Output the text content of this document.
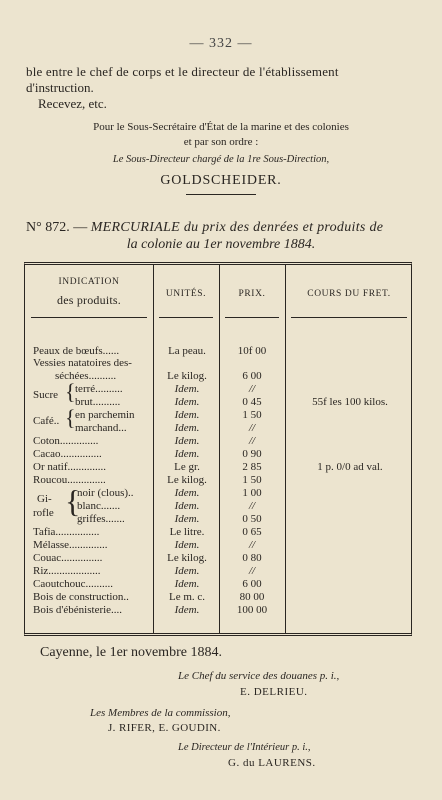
— 332 —
ble entre le chef de corps et le directeur de l'établissement
d'instruction.
Recevez, etc.
Pour le Sous-Secrétaire d'État de la marine et des colonies
et par son ordre :
Le Sous-Directeur chargé de la 1re Sous-Direction,
GOLDSCHEIDER.
N° 872. — MERCURIALE du prix des denrées et produits de
la colonie au 1er novembre 1884.
INDICATION
des produits.	UNITÉS.	PRIX.	COURS DU FRET.
Peaux de bœufs......	La peau.	10f 00
Vessies natatoires des-
séchées..........	Le kilog.	6 00
Sucre { terré..........	Idem.	//
brut..........	Idem.	0 45	55f les 100 kilos.
Café.. { en parchemin	Idem.	1 50
marchand...	Idem.	//
Coton..............	Idem.	//
Cacao...............	Idem.	0 90
Or natif..............	Le gr.	2 85	1 p. 0/0 ad val.
Roucou..............	Le kilog.	1 50
Gi-
rofle {
noir (clous)..	Idem.	1 00
blanc.......	Idem.	//
griffes.......	Idem.	0 50
Tafia................	Le litre.	0 65
Mélasse..............	Idem.	//
Couac...............	Le kilog.	0 80
Riz...................	Idem.	//
Caoutchouc..........	Idem.	6 00
Bois de construction..	Le m. c.	80 00
Bois d'ébénisterie....	Idem.	100 00
Cayenne, le 1er novembre 1884.
Le Chef du service des douanes p. i.,
E. DELRIEU.
Les Membres de la commission,
J. RIFER, E. GOUDIN.
Le Directeur de l'Intérieur p. i.,
G. du LAURENS.
